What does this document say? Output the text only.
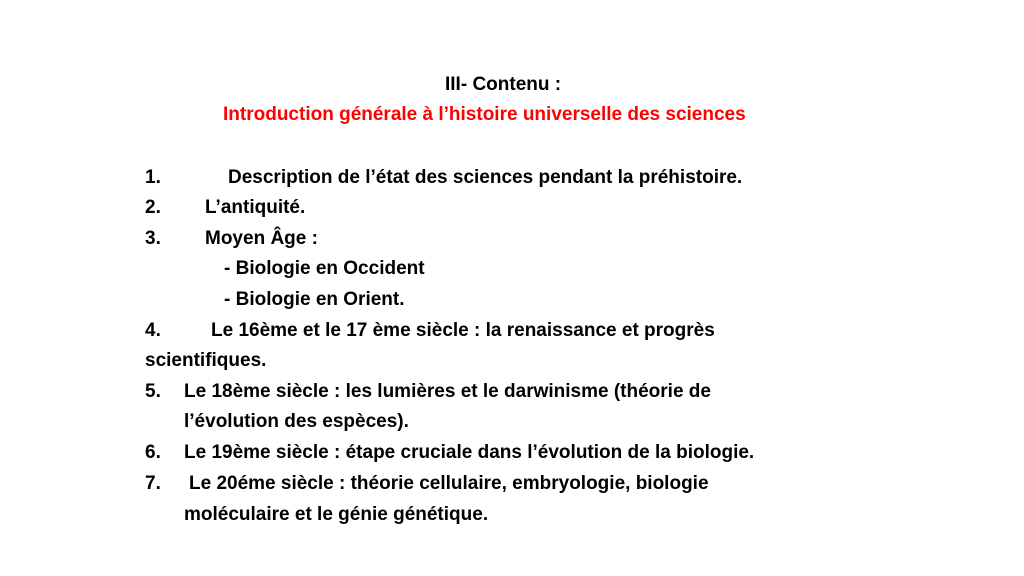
III- Contenu :
Introduction générale à l’histoire universelle des sciences
1.	Description de l’état des sciences pendant la préhistoire.
2. L’antiquité.
3. Moyen Âge :
- Biologie en Occident
- Biologie en Orient.
4.	Le 16ème et le 17 ème siècle : la renaissance et progrès
scientifiques.
5. Le 18ème siècle : les lumières et le darwinisme (théorie de
l’évolution des espèces).
6. Le 19ème siècle : étape cruciale dans l’évolution de la biologie.
7. Le 20éme siècle : théorie cellulaire, embryologie, biologie
moléculaire et le génie génétique.
